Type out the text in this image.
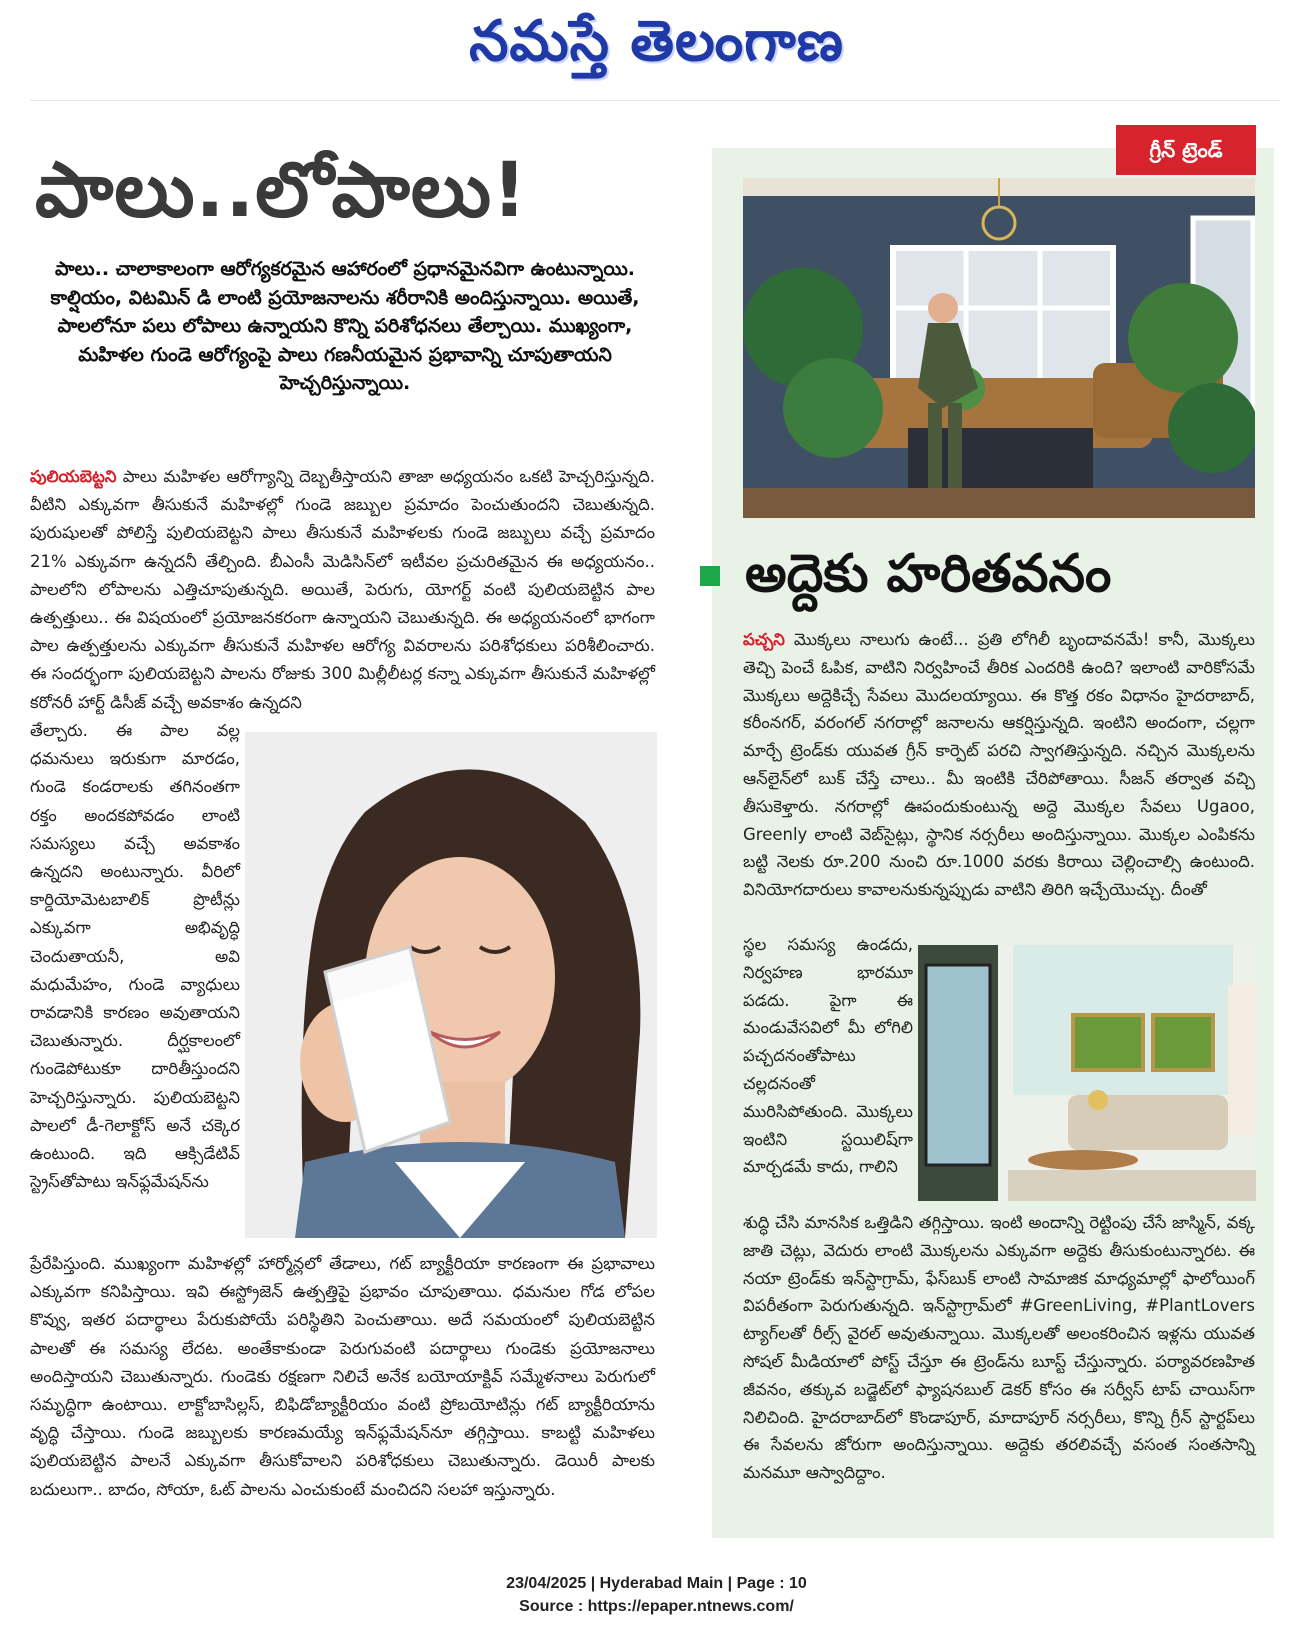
నమస్తే తెలంగాణ
పాలు..లోపాలు!
పాలు.. చాలాకాలంగా ఆరోగ్యకరమైన ఆహారంలో ప్రధానమైనవిగా ఉంటున్నాయి. కాల్షియం, విటమిన్ డి లాంటి ప్రయోజనాలను శరీరానికి అందిస్తున్నాయి. అయితే, పాలలోనూ పలు లోపాలు ఉన్నాయని కొన్ని పరిశోధనలు తేల్చాయి. ముఖ్యంగా, మహిళల గుండె ఆరోగ్యంపై పాలు గణనీయమైన ప్రభావాన్ని చూపుతాయని హెచ్చరిస్తున్నాయి.
పులియబెట్టని పాలు మహిళల ఆరోగ్యాన్ని దెబ్బతీస్తాయని తాజా అధ్యయనం ఒకటి హెచ్చరిస్తున్నది. వీటిని ఎక్కువగా తీసుకునే మహిళల్లో గుండె జబ్బుల ప్రమాదం పెంచుతుందని చెబుతున్నది. పురుషులతో పోలిస్తే పులియబెట్టని పాలు తీసుకునే మహిళలకు గుండె జబ్బులు వచ్చే ప్రమాదం 21% ఎక్కువగా ఉన్నదనీ తేల్చింది. బీఎంసీ మెడిసిన్‌లో ఇటీవల ప్రచురితమైన ఈ అధ్యయనం.. పాలలోని లోపాలను ఎత్తిచూపుతున్నది. అయితే, పెరుగు, యోగర్ట్ వంటి పులియబెట్టిన పాల ఉత్పత్తులు.. ఈ విషయంలో ప్రయోజనకరంగా ఉన్నాయని చెబుతున్నది. ఈ అధ్యయనంలో భాగంగా పాల ఉత్పత్తులను ఎక్కువగా తీసుకునే మహిళల ఆరోగ్య వివరాలను పరిశోధకులు పరిశీలించారు. ఈ సందర్భంగా పులియబెట్టని పాలను రోజుకు 300 మిల్లీలీటర్ల కన్నా ఎక్కువగా తీసుకునే మహిళల్లో కరోనరీ హార్ట్ డిసీజ్ వచ్చే అవకాశం ఉన్నదని
తేల్చారు. ఈ పాల వల్ల ధమనులు ఇరుకుగా మారడం, గుండె కండరాలకు తగినంతగా రక్తం అందకపోవడం లాంటి సమస్యలు వచ్చే అవకాశం ఉన్నదని అంటున్నారు. వీరిలో కార్డియోమెటబాలిక్ ప్రొటీన్లు ఎక్కువగా అభివృద్ధి చెందుతాయనీ, అవి మధుమేహం, గుండె వ్యాధులు రావడానికి కారణం అవుతాయని చెబుతున్నారు. దీర్ఘకాలంలో గుండెపోటుకూ దారితీస్తుందని హెచ్చరిస్తున్నారు. పులియబెట్టని పాలలో డీ-గెలాక్టోస్ అనే చక్కెర ఉంటుంది. ఇది ఆక్సిడేటివ్ స్ట్రెస్‌తోపాటు ఇన్‌ఫ్లమేషన్‌ను
ప్రేరేపిస్తుంది. ముఖ్యంగా మహిళల్లో హార్మోన్లలో తేడాలు, గట్ బ్యాక్టీరియా కారణంగా ఈ ప్రభావాలు ఎక్కువగా కనిపిస్తాయి. ఇవి ఈస్ట్రోజెన్ ఉత్పత్తిపై ప్రభావం చూపుతాయి. ధమనుల గోడ లోపల కొవ్వు, ఇతర పదార్థాలు పేరుకుపోయే పరిస్థితిని పెంచుతాయి. అదే సమయంలో పులియబెట్టిన పాలతో ఈ సమస్య లేదట. అంతేకాకుండా పెరుగువంటి పదార్థాలు గుండెకు ప్రయోజనాలు అందిస్తాయని చెబుతున్నారు. గుండెకు రక్షణగా నిలిచే అనేక బయోయాక్టివ్ సమ్మేళనాలు పెరుగులో సమృద్ధిగా ఉంటాయి. లాక్టోబాసిల్లస్, బిఫిడోబ్యాక్టీరియం వంటి ప్రోబయోటిన్లు గట్ బ్యాక్టీరియాను వృద్ధి చేస్తాయి. గుండె జబ్బులకు కారణమయ్యే ఇన్‌ఫ్లమేషన్‌నూ తగ్గిస్తాయి. కాబట్టి మహిళలు పులియబెట్టిన పాలనే ఎక్కువగా తీసుకోవాలని పరిశోధకులు చెబుతున్నారు. డెయిరీ పాలకు బదులుగా.. బాదం, సోయా, ఓట్ పాలను ఎంచుకుంటే మంచిదని సలహా ఇస్తున్నారు.
గ్రీన్ ట్రెండ్
అద్దెకు హరితవనం
పచ్చని మొక్కలు నాలుగు ఉంటే... ప్రతి లోగిలీ బృందావనమే! కానీ, మొక్కలు తెచ్చి పెంచే ఓపిక, వాటిని నిర్వహించే తీరిక ఎందరికి ఉంది? ఇలాంటి వారికోసమే మొక్కలు అద్దెకిచ్చే సేవలు మొదలయ్యాయి. ఈ కొత్త రకం విధానం హైదరాబాద్, కరీంనగర్, వరంగల్ నగరాల్లో జనాలను ఆకర్షిస్తున్నది. ఇంటిని అందంగా, చల్లగా మార్చే ట్రెండ్‌కు యువత గ్రీన్ కార్పెట్ పరచి స్వాగతిస్తున్నది. నచ్చిన మొక్కలను ఆన్‌లైన్‌లో బుక్ చేస్తే చాలు.. మీ ఇంటికి చేరిపోతాయి. సీజన్ తర్వాత వచ్చి తీసుకెళ్తారు. నగరాల్లో ఊపందుకుంటున్న అద్దె మొక్కల సేవలు Ugaoo, Greenly లాంటి వెబ్‌సైట్లు, స్థానిక నర్సరీలు అందిస్తున్నాయి. మొక్కల ఎంపికను బట్టి నెలకు రూ.200 నుంచి రూ.1000 వరకు కిరాయి చెల్లించాల్సి ఉంటుంది. వినియోగదారులు కావాలనుకున్నప్పుడు వాటిని తిరిగి ఇచ్చేయొచ్చు. దీంతో
స్థల సమస్య ఉండదు, నిర్వహణ భారమూ పడదు. పైగా ఈ మండువేసవిలో మీ లోగిలి పచ్చదనంతోపాటు చల్లదనంతో మురిసిపోతుంది. మొక్కలు ఇంటిని స్టయిలిష్‌గా మార్చడమే కాదు, గాలిని
శుద్ధి చేసి మానసిక ఒత్తిడిని తగ్గిస్తాయి. ఇంటి అందాన్ని రెట్టింపు చేసే జాస్మిన్, వక్క జాతి చెట్లు, వెదురు లాంటి మొక్కలను ఎక్కువగా అద్దెకు తీసుకుంటున్నారట. ఈ నయా ట్రెండ్‌కు ఇన్‌స్టాగ్రామ్, ఫేస్‌బుక్ లాంటి సామాజిక మాధ్యమాల్లో ఫాలోయింగ్ విపరీతంగా పెరుగుతున్నది. ఇన్‌స్టాగ్రామ్‌లో #GreenLiving, #PlantLovers ట్యాగ్‌లతో రీల్స్ వైరల్ అవుతున్నాయి. మొక్కలతో అలంకరించిన ఇళ్లను యువత సోషల్ మీడియాలో పోస్ట్ చేస్తూ ఈ ట్రెండ్‌ను బూస్ట్ చేస్తున్నారు. పర్యావరణహిత జీవనం, తక్కువ బడ్జెట్‌లో ఫ్యాషనబుల్ డెకర్ కోసం ఈ సర్వీస్ టాప్ చాయిస్‌గా నిలిచింది. హైదరాబాద్‌లో కొండాపూర్, మాదాపూర్ నర్సరీలు, కొన్ని గ్రీన్ స్టార్టప్‌లు ఈ సేవలను జోరుగా అందిస్తున్నాయి. అద్దెకు తరలివచ్చే వసంత సంతసాన్ని మనమూ ఆస్వాదిద్దాం.
23/04/2025 | Hyderabad Main | Page : 10
Source : https://epaper.ntnews.com/
